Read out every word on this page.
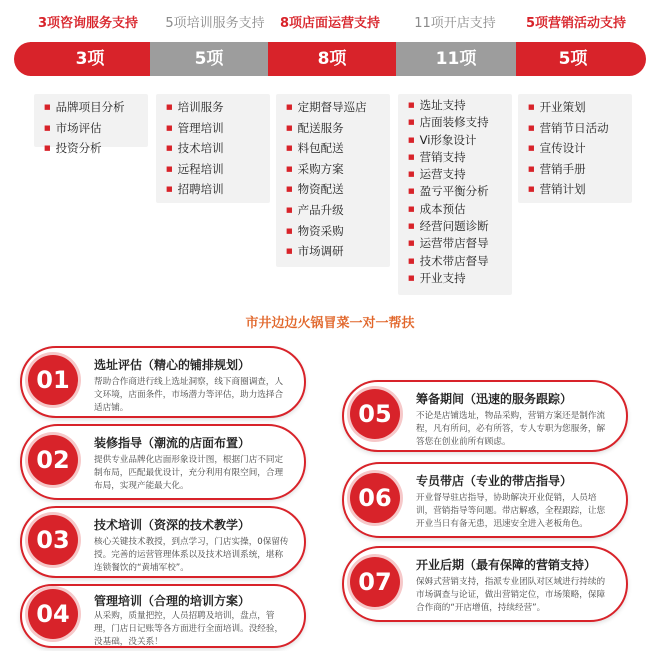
3项咨询服务支持	5项培训服务支持	8项店面运营支持	11项开店支持	5项营销活动支持
3项	5项	8项	11项	5项
■ 品牌项目分析
■ 市场评估
■ 投资分析
■ 培训服务
■ 管理培训
■ 技术培训
■ 远程培训
■ 招聘培训
■ 定期督导巡店
■ 配送服务
■ 料包配送
■ 采购方案
■ 物资配送
■ 产品升级
■ 物资采购
■ 市场调研
■ 选址支持
■ 店面装修支持
■ Vi形象设计
■ 营销支持
■ 运营支持
■ 盈亏平衡分析
■ 成本预估
■ 经营问题诊断
■ 运营带店督导
■ 技术带店督导
■ 开业支持
■ 开业策划
■ 营销节日活动
■ 宣传设计
■ 营销手册
■ 营销计划
市井边边火锅冒菜一对一帮扶
01
选址评估（精心的铺排规划）
帮助合作商进行线上选址洞察，线下商圈调查，人文环境，店面条件，市场潜力等评估，助力选择合适店铺。
02
装修指导（潮流的店面布置）
提供专业品牌化店面形象设计图，根据门店不同定制布局，匹配最优设计，充分利用有限空间，合理布局，实现产能最大化。
03
技术培训（资深的技术教学）
核心关键技术教授，到点学习，门店实操，0保留传授。完善的运营管理体系以及技术培训系统，堪称连锁餐饮的“黄埔军校”。
04	管理培训（合理的培训方案）
从采购，质量把控，人员招聘及培训，盘点，管理，门店日记账等各方面进行全面培训。没经验，没基础，没关系！
05
筹备期间（迅速的服务跟踪）
不论是店铺选址，物品采购，营销方案还是制作流程，凡有所问，必有所答，专人专职为您服务，解答您在创业前所有顾虑。
06
专员带店（专业的带店指导）
开业督导驻店指导，协助解决开业促销，人员培训，营销指导等问题。带店解惑，全程跟踪，让您开业当日有备无患，迅速安全进入老板角色。
07
开业后期（最有保障的营销支持）
保姆式营销支持，指派专业团队对区域进行持续的市场调查与论证，做出营销定位，市场策略，保障合作商的“开店增值，持续经营”。
